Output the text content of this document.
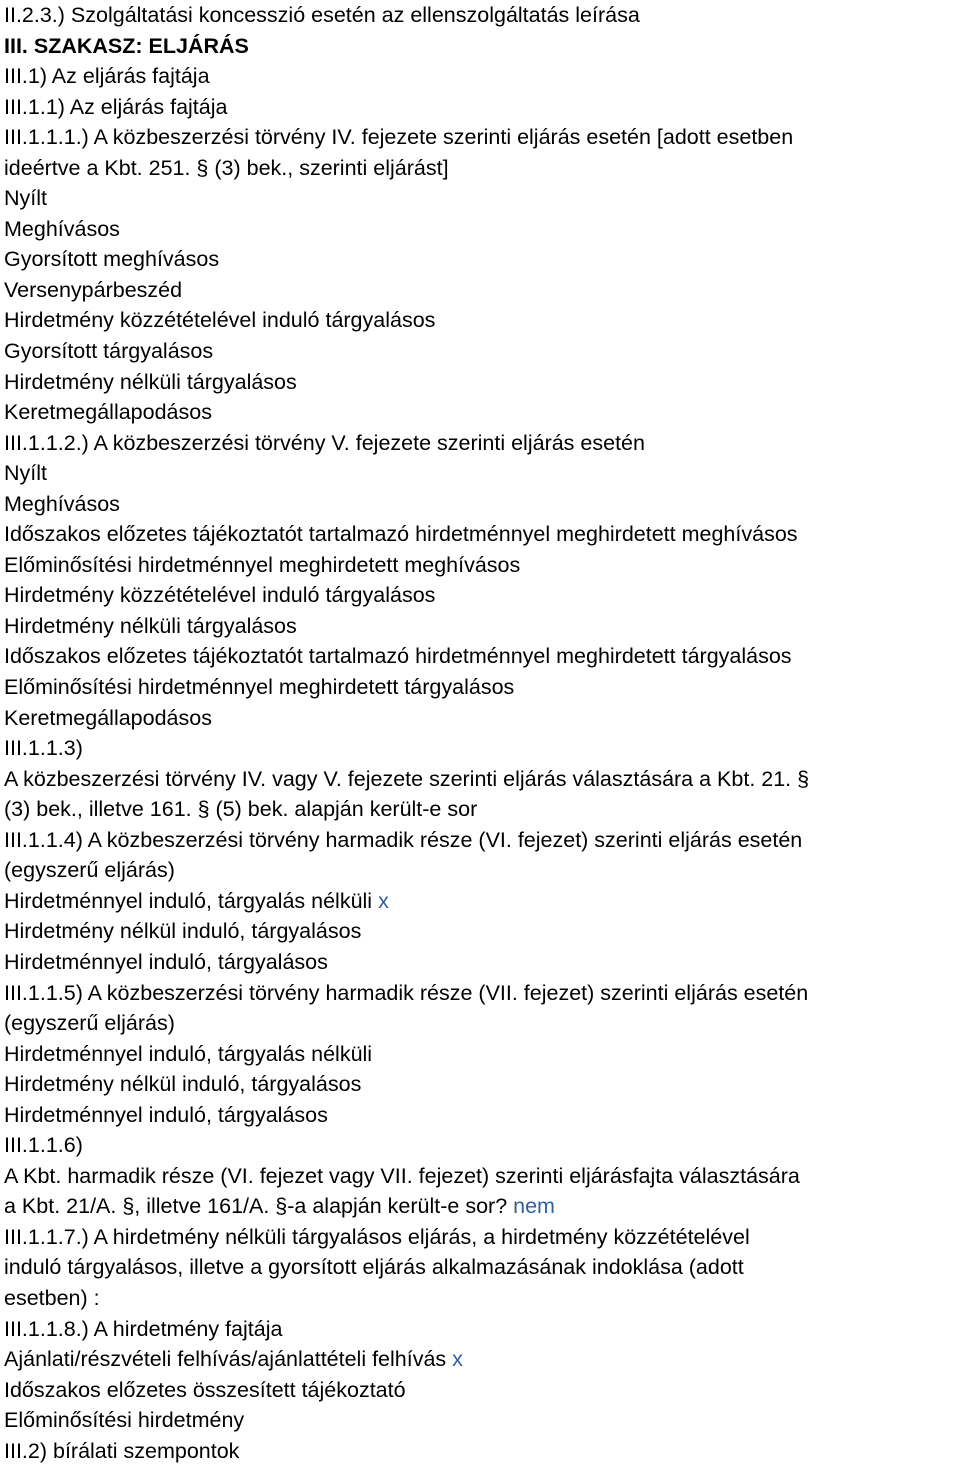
II.2.3.) Szolgáltatási koncesszió esetén az ellenszolgáltatás leírása
III. SZAKASZ: ELJÁRÁS
III.1) Az eljárás fajtája
III.1.1) Az eljárás fajtája
III.1.1.1.) A közbeszerzési törvény IV. fejezete szerinti eljárás esetén [adott esetben
ideértve a Kbt. 251. § (3) bek., szerinti eljárást]
Nyílt
Meghívásos
Gyorsított meghívásos
Versenypárbeszéd
Hirdetmény közzétételével induló tárgyalásos
Gyorsított tárgyalásos
Hirdetmény nélküli tárgyalásos
Keretmegállapodásos
III.1.1.2.) A közbeszerzési törvény V. fejezete szerinti eljárás esetén
Nyílt
Meghívásos
Időszakos előzetes tájékoztatót tartalmazó hirdetménnyel meghirdetett meghívásos
Előminősítési hirdetménnyel meghirdetett meghívásos
Hirdetmény közzétételével induló tárgyalásos
Hirdetmény nélküli tárgyalásos
Időszakos előzetes tájékoztatót tartalmazó hirdetménnyel meghirdetett tárgyalásos
Előminősítési hirdetménnyel meghirdetett tárgyalásos
Keretmegállapodásos
III.1.1.3)
A közbeszerzési törvény IV. vagy V. fejezete szerinti eljárás választására a Kbt. 21. §
(3) bek., illetve 161. § (5) bek. alapján került-e sor
III.1.1.4) A közbeszerzési törvény harmadik része (VI. fejezet) szerinti eljárás esetén
(egyszerű eljárás)
Hirdetménnyel induló, tárgyalás nélküli x
Hirdetmény nélkül induló, tárgyalásos
Hirdetménnyel induló, tárgyalásos
III.1.1.5) A közbeszerzési törvény harmadik része (VII. fejezet) szerinti eljárás esetén
(egyszerű eljárás)
Hirdetménnyel induló, tárgyalás nélküli
Hirdetmény nélkül induló, tárgyalásos
Hirdetménnyel induló, tárgyalásos
III.1.1.6)
A Kbt. harmadik része (VI. fejezet vagy VII. fejezet) szerinti eljárásfajta választására
a Kbt. 21/A. §, illetve 161/A. §-a alapján került-e sor? nem
III.1.1.7.) A hirdetmény nélküli tárgyalásos eljárás, a hirdetmény közzétételével
induló tárgyalásos, illetve a gyorsított eljárás alkalmazásának indoklása (adott
esetben) :
III.1.1.8.) A hirdetmény fajtája
Ajánlati/részvételi felhívás/ajánlattételi felhívás x
Időszakos előzetes összesített tájékoztató
Előminősítési hirdetmény
III.2) bírálati szempontok
